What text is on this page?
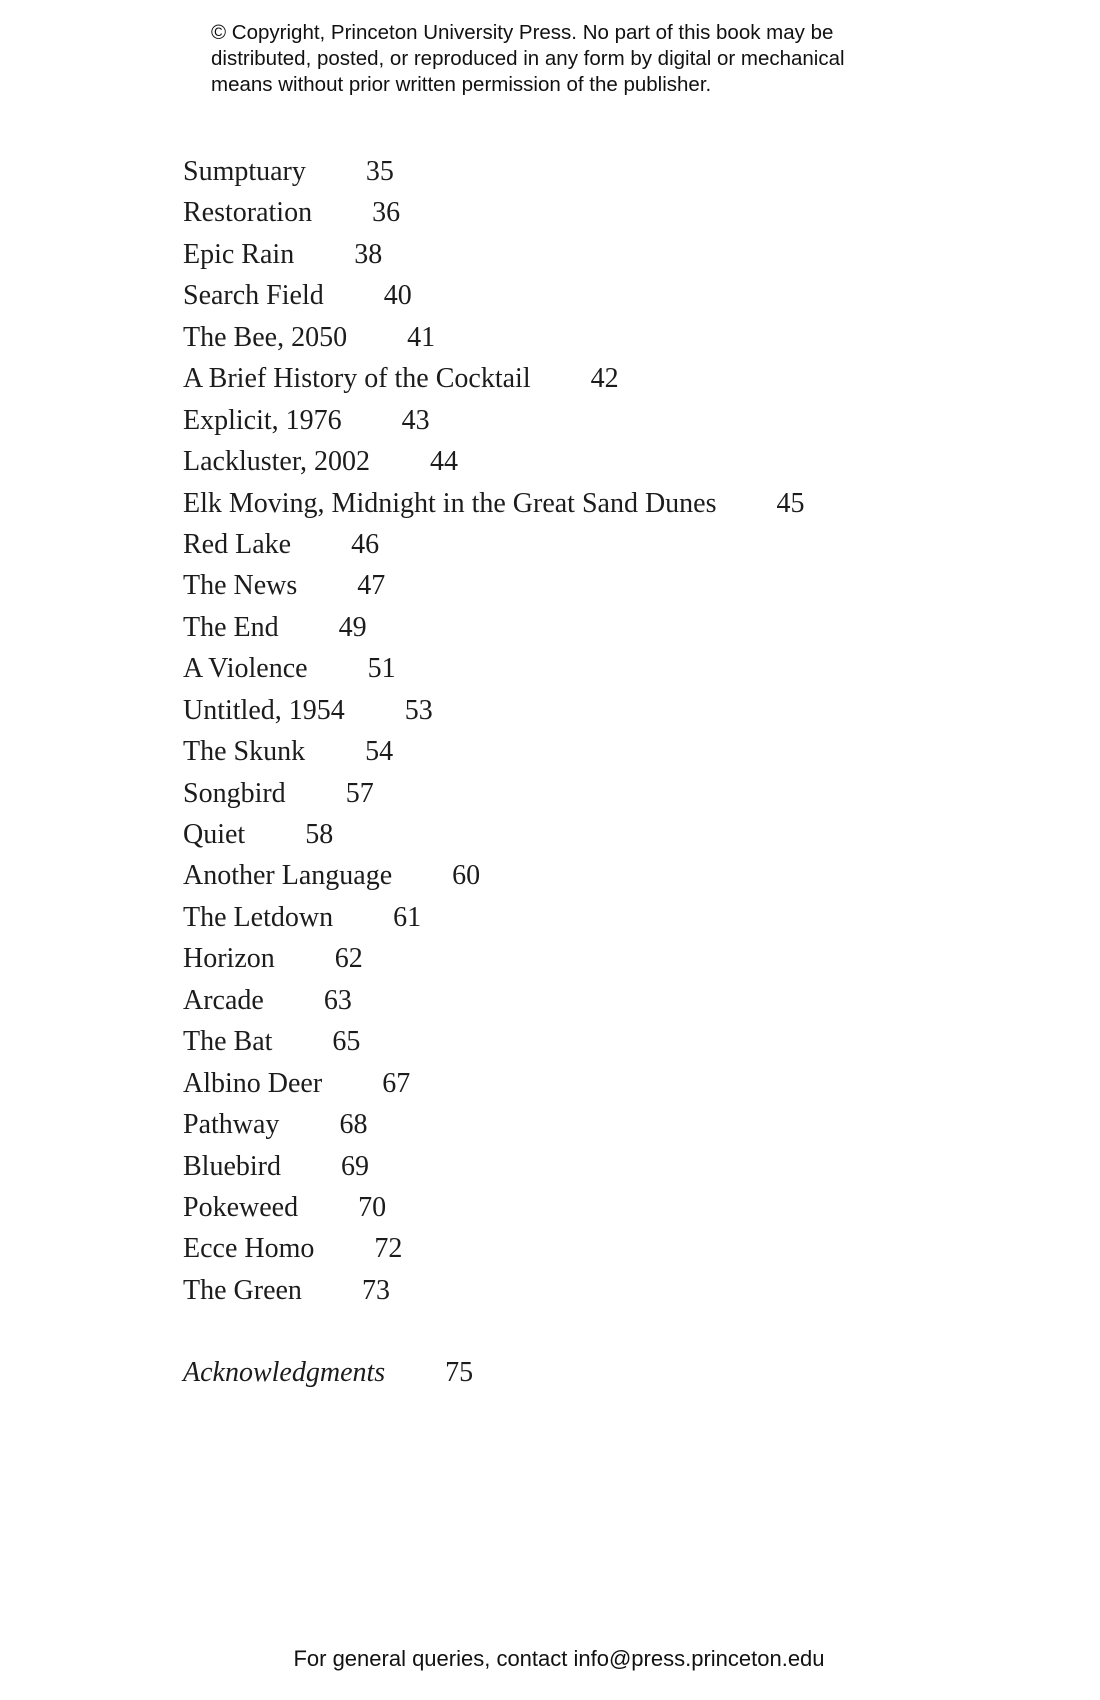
© Copyright, Princeton University Press. No part of this book may be
distributed, posted, or reproduced in any form by digital or mechanical
means without prior written permission of the publisher.
Sumptuary 35
Restoration 36
Epic Rain 38
Search Field 40
The Bee, 2050 41
A Brief History of the Cocktail 42
Explicit, 1976 43
Lackluster, 2002 44
Elk Moving, Midnight in the Great Sand Dunes 45
Red Lake 46
The News 47
The End 49
A Violence 51
Untitled, 1954 53
The Skunk 54
Songbird 57
Quiet 58
Another Language 60
The Letdown 61
Horizon 62
Arcade 63
The Bat 65
Albino Deer 67
Pathway 68
Bluebird 69
Pokeweed 70
Ecce Homo 72
The Green 73
Acknowledgments 75
For general queries, contact info@press.princeton.edu
